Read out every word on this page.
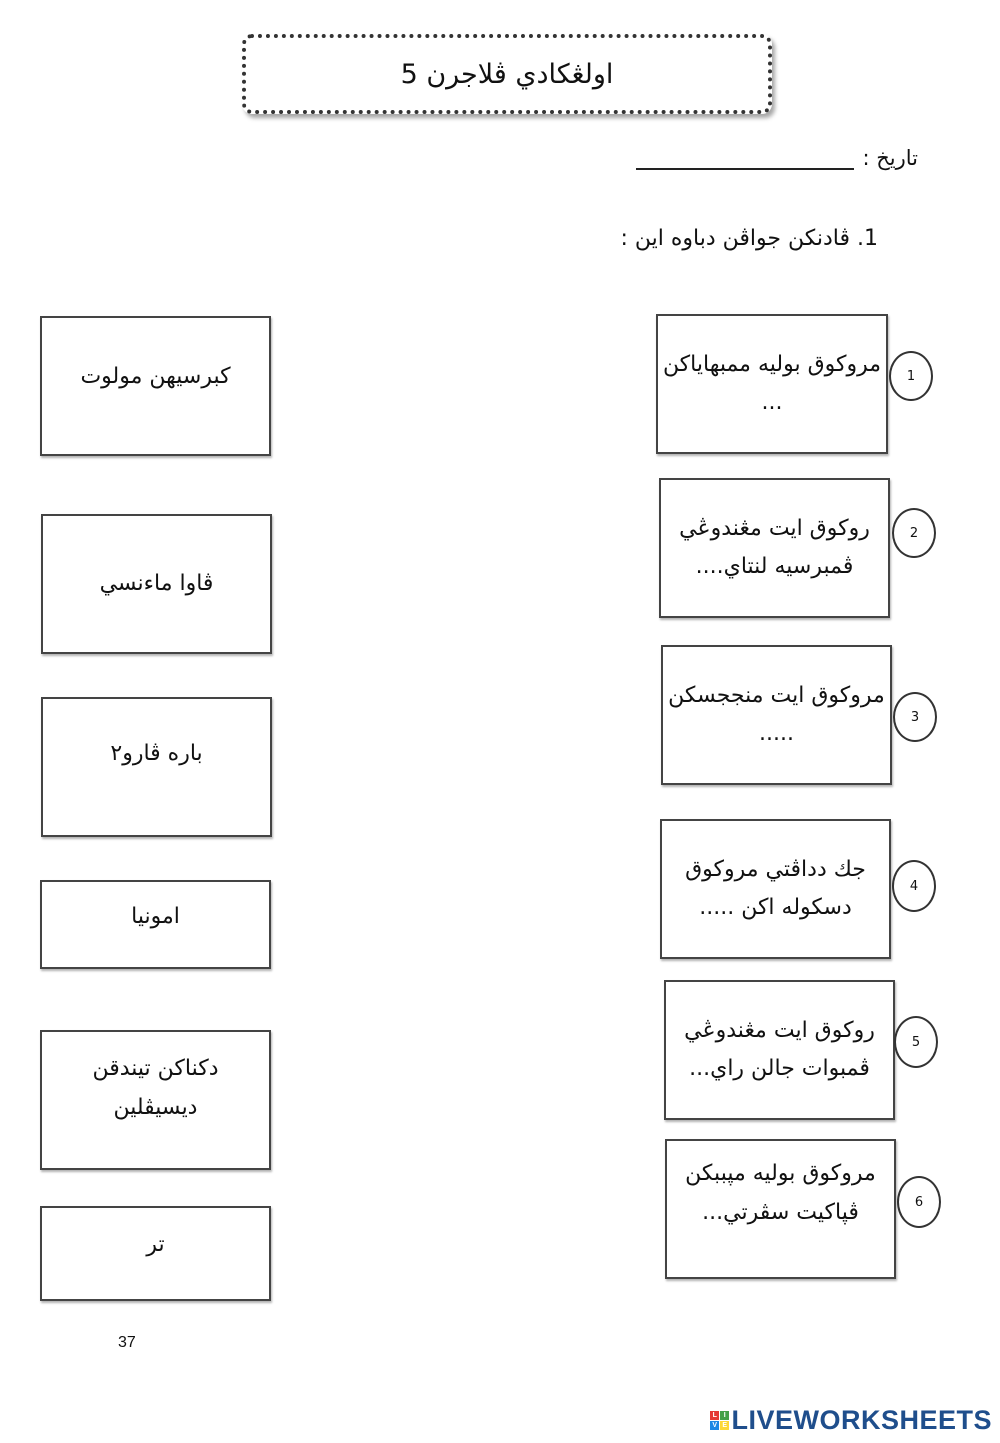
اولڠكادي ڤلاجرن 5
تاريخ :
1. ڤادنكن جواڤن دباوه اين :
مروكوق بوليه ممبهاياكن ...
1
روكوق ايت مڠندوڠي ڤمبرسيه لنتاي....
2
مروكوق ايت منججسكن .....
3
جك دداڤتي مروكوق دسكوله اكن .....
4
روكوق ايت مڠندوڠي ڤمبوات جالن راي...
5
مروكوق بوليه مپببكن ڤپاكيت سڤرتي...	6
كبرسيهن مولوت
ڤاوا ماءنسي
باره ڤارو٢
امونيا
دكناكن تيندقن ديسيڤلين
تر
37
L I
V E LIVEWORKSHEETS
